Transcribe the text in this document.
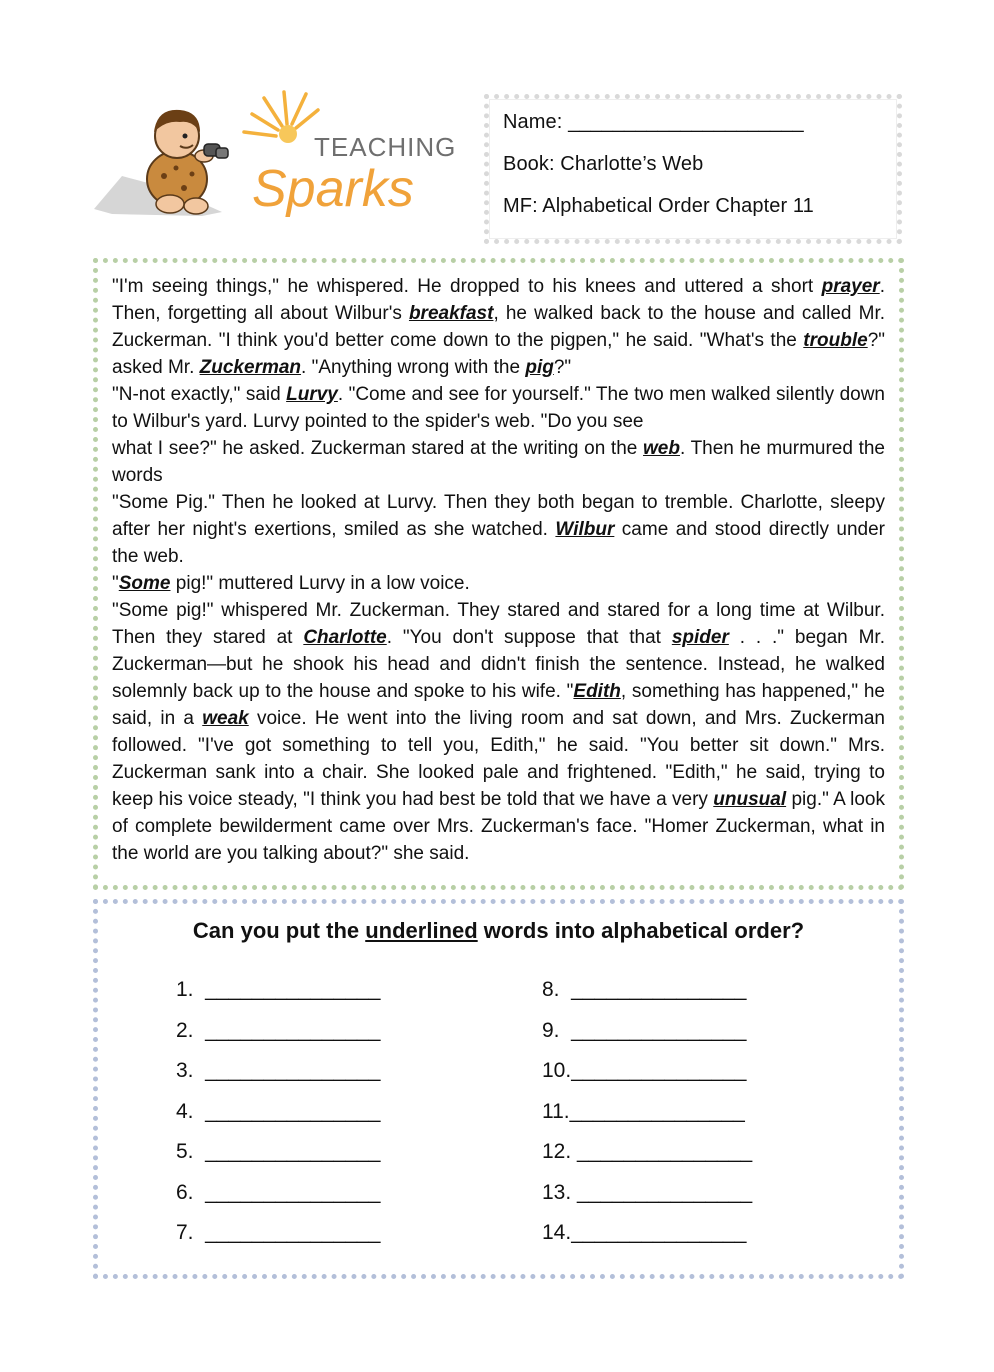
TEACHING
Sparks
Name: _____________________
Book: Charlotte’s Web
MF: Alphabetical Order Chapter 11

"I'm seeing things," he whispered. He dropped to his knees and uttered a short prayer. Then, forgetting all about Wilbur's breakfast, he walked back to the house and called Mr. Zuckerman. "I think you'd better come down to the pigpen," he said. "What's the trouble?" asked Mr. Zuckerman. "Anything wrong with the pig?"

"N-not exactly," said Lurvy. "Come and see for yourself." The two men walked silently down to Wilbur's yard. Lurvy pointed to the spider's web. "Do you see

what I see?" he asked. Zuckerman stared at the writing on the web. Then he murmured the words

"Some Pig." Then he looked at Lurvy. Then they both began to tremble. Charlotte, sleepy after her night's exertions, smiled as she watched. Wilbur came and stood directly under the web.

"Some pig!" muttered Lurvy in a low voice.

"Some pig!" whispered Mr. Zuckerman. They stared and stared for a long time at Wilbur. Then they stared at Charlotte. "You don't suppose that that spider . . ." began Mr. Zuckerman—but he shook his head and didn't finish the sentence. Instead, he walked solemnly back up to the house and spoke to his wife. "Edith, something has happened," he said, in a weak voice. He went into the living room and sat down, and Mrs. Zuckerman followed. "I've got something to tell you, Edith," he said. "You better sit down." Mrs. Zuckerman sank into a chair. She looked pale and frightened. "Edith," he said, trying to keep his voice steady, "I think you had best be told that we have a very unusual pig." A look of complete bewilderment came over Mrs. Zuckerman's face. "Homer Zuckerman, what in the world are you talking about?" she said.

Can you put the underlined words into alphabetical order?
1.  _______________
2.  _______________
3.  _______________
4.  _______________
5.  _______________
6.  _______________
7.  _______________
8.  _______________
9.  _______________
10._______________
11._______________
12. _______________
13. _______________
14._______________
